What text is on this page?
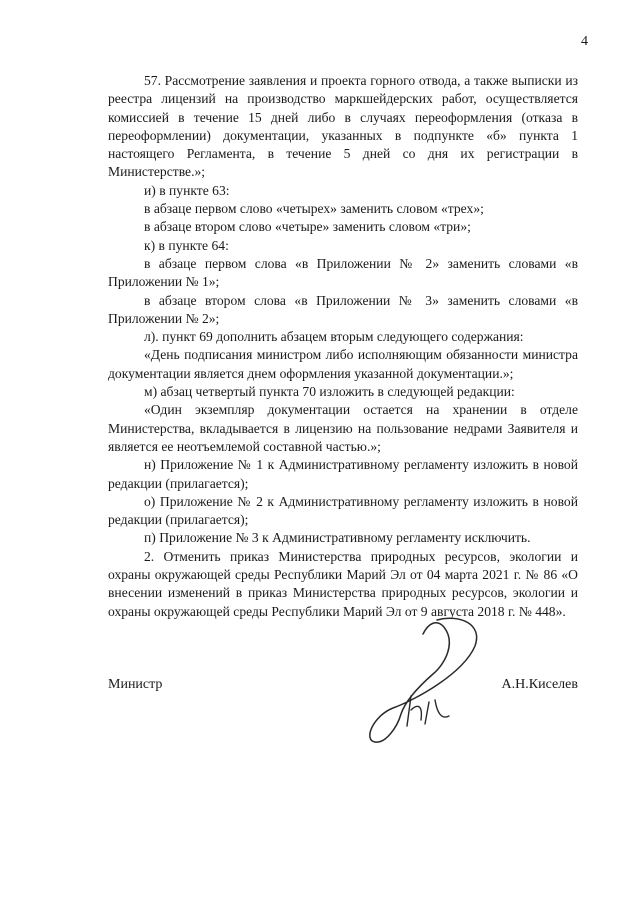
4

57. Рассмотрение заявления и проекта горного отвода, а также выписки из реестра лицензий на производство маркшейдерских работ, осуществляется комиссией в течение 15 дней либо в случаях переоформления (отказа в переоформлении) документации, указанных в подпункте «б» пункта 1 настоящего Регламента, в течение 5 дней со дня их регистрации в Министерстве.»;

и) в пункте 63:

в абзаце первом слово «четырех» заменить словом «трех»;

в абзаце втором слово «четыре» заменить словом «три»;

к) в пункте 64:

в абзаце первом слова «в Приложении № 2» заменить словами «в Приложении № 1»;

в абзаце втором слова «в Приложении № 3» заменить словами «в Приложении № 2»;

л). пункт 69 дополнить абзацем вторым следующего содержания:

«День подписания министром либо исполняющим обязанности министра документации является днем оформления указанной документации.»;

м) абзац четвертый пункта 70 изложить в следующей редакции:

«Один экземпляр документации остается на хранении в отделе Министерства, вкладывается в лицензию на пользование недрами Заявителя и является ее неотъемлемой составной частью.»;

н) Приложение № 1 к Административному регламенту изложить в новой редакции (прилагается);

о) Приложение № 2 к Административному регламенту изложить в новой редакции (прилагается);

п) Приложение № 3 к Административному регламенту исключить.

2. Отменить приказ Министерства природных ресурсов, экологии и охраны окружающей среды Республики Марий Эл от 04 марта 2021 г. № 86 «О внесении изменений в приказ Министерства природных ресурсов, экологии и охраны окружающей среды Республики Марий Эл от 9 августа 2018 г. № 448».

Министр	А.Н.Киселев
